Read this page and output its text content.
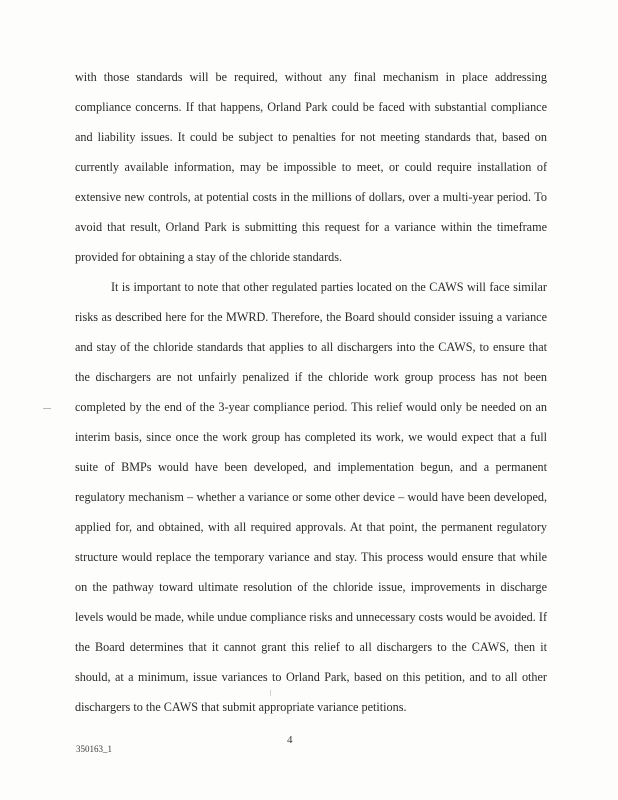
with those standards will be required, without any final mechanism in place addressing
compliance concerns. If that happens, Orland Park could be faced with substantial compliance
and liability issues. It could be subject to penalties for not meeting standards that, based on
currently available information, may be impossible to meet, or could require installation of
extensive new controls, at potential costs in the millions of dollars, over a multi-year period. To
avoid that result, Orland Park is submitting this request for a variance within the timeframe
provided for obtaining a stay of the chloride standards.
It is important to note that other regulated parties located on the CAWS will face similar
risks as described here for the MWRD. Therefore, the Board should consider issuing a variance
and stay of the chloride standards that applies to all dischargers into the CAWS, to ensure that
the dischargers are not unfairly penalized if the chloride work group process has not been
completed by the end of the 3-year compliance period. This relief would only be needed on an
interim basis, since once the work group has completed its work, we would expect that a full
suite of BMPs would have been developed, and implementation begun, and a permanent
regulatory mechanism – whether a variance or some other device – would have been developed,
applied for, and obtained, with all required approvals. At that point, the permanent regulatory
structure would replace the temporary variance and stay. This process would ensure that while
on the pathway toward ultimate resolution of the chloride issue, improvements in discharge
levels would be made, while undue compliance risks and unnecessary costs would be avoided. If
the Board determines that it cannot grant this relief to all dischargers to the CAWS, then it
should, at a minimum, issue variances to Orland Park, based on this petition, and to all other
dischargers to the CAWS that submit appropriate variance petitions.
350163_1
4
